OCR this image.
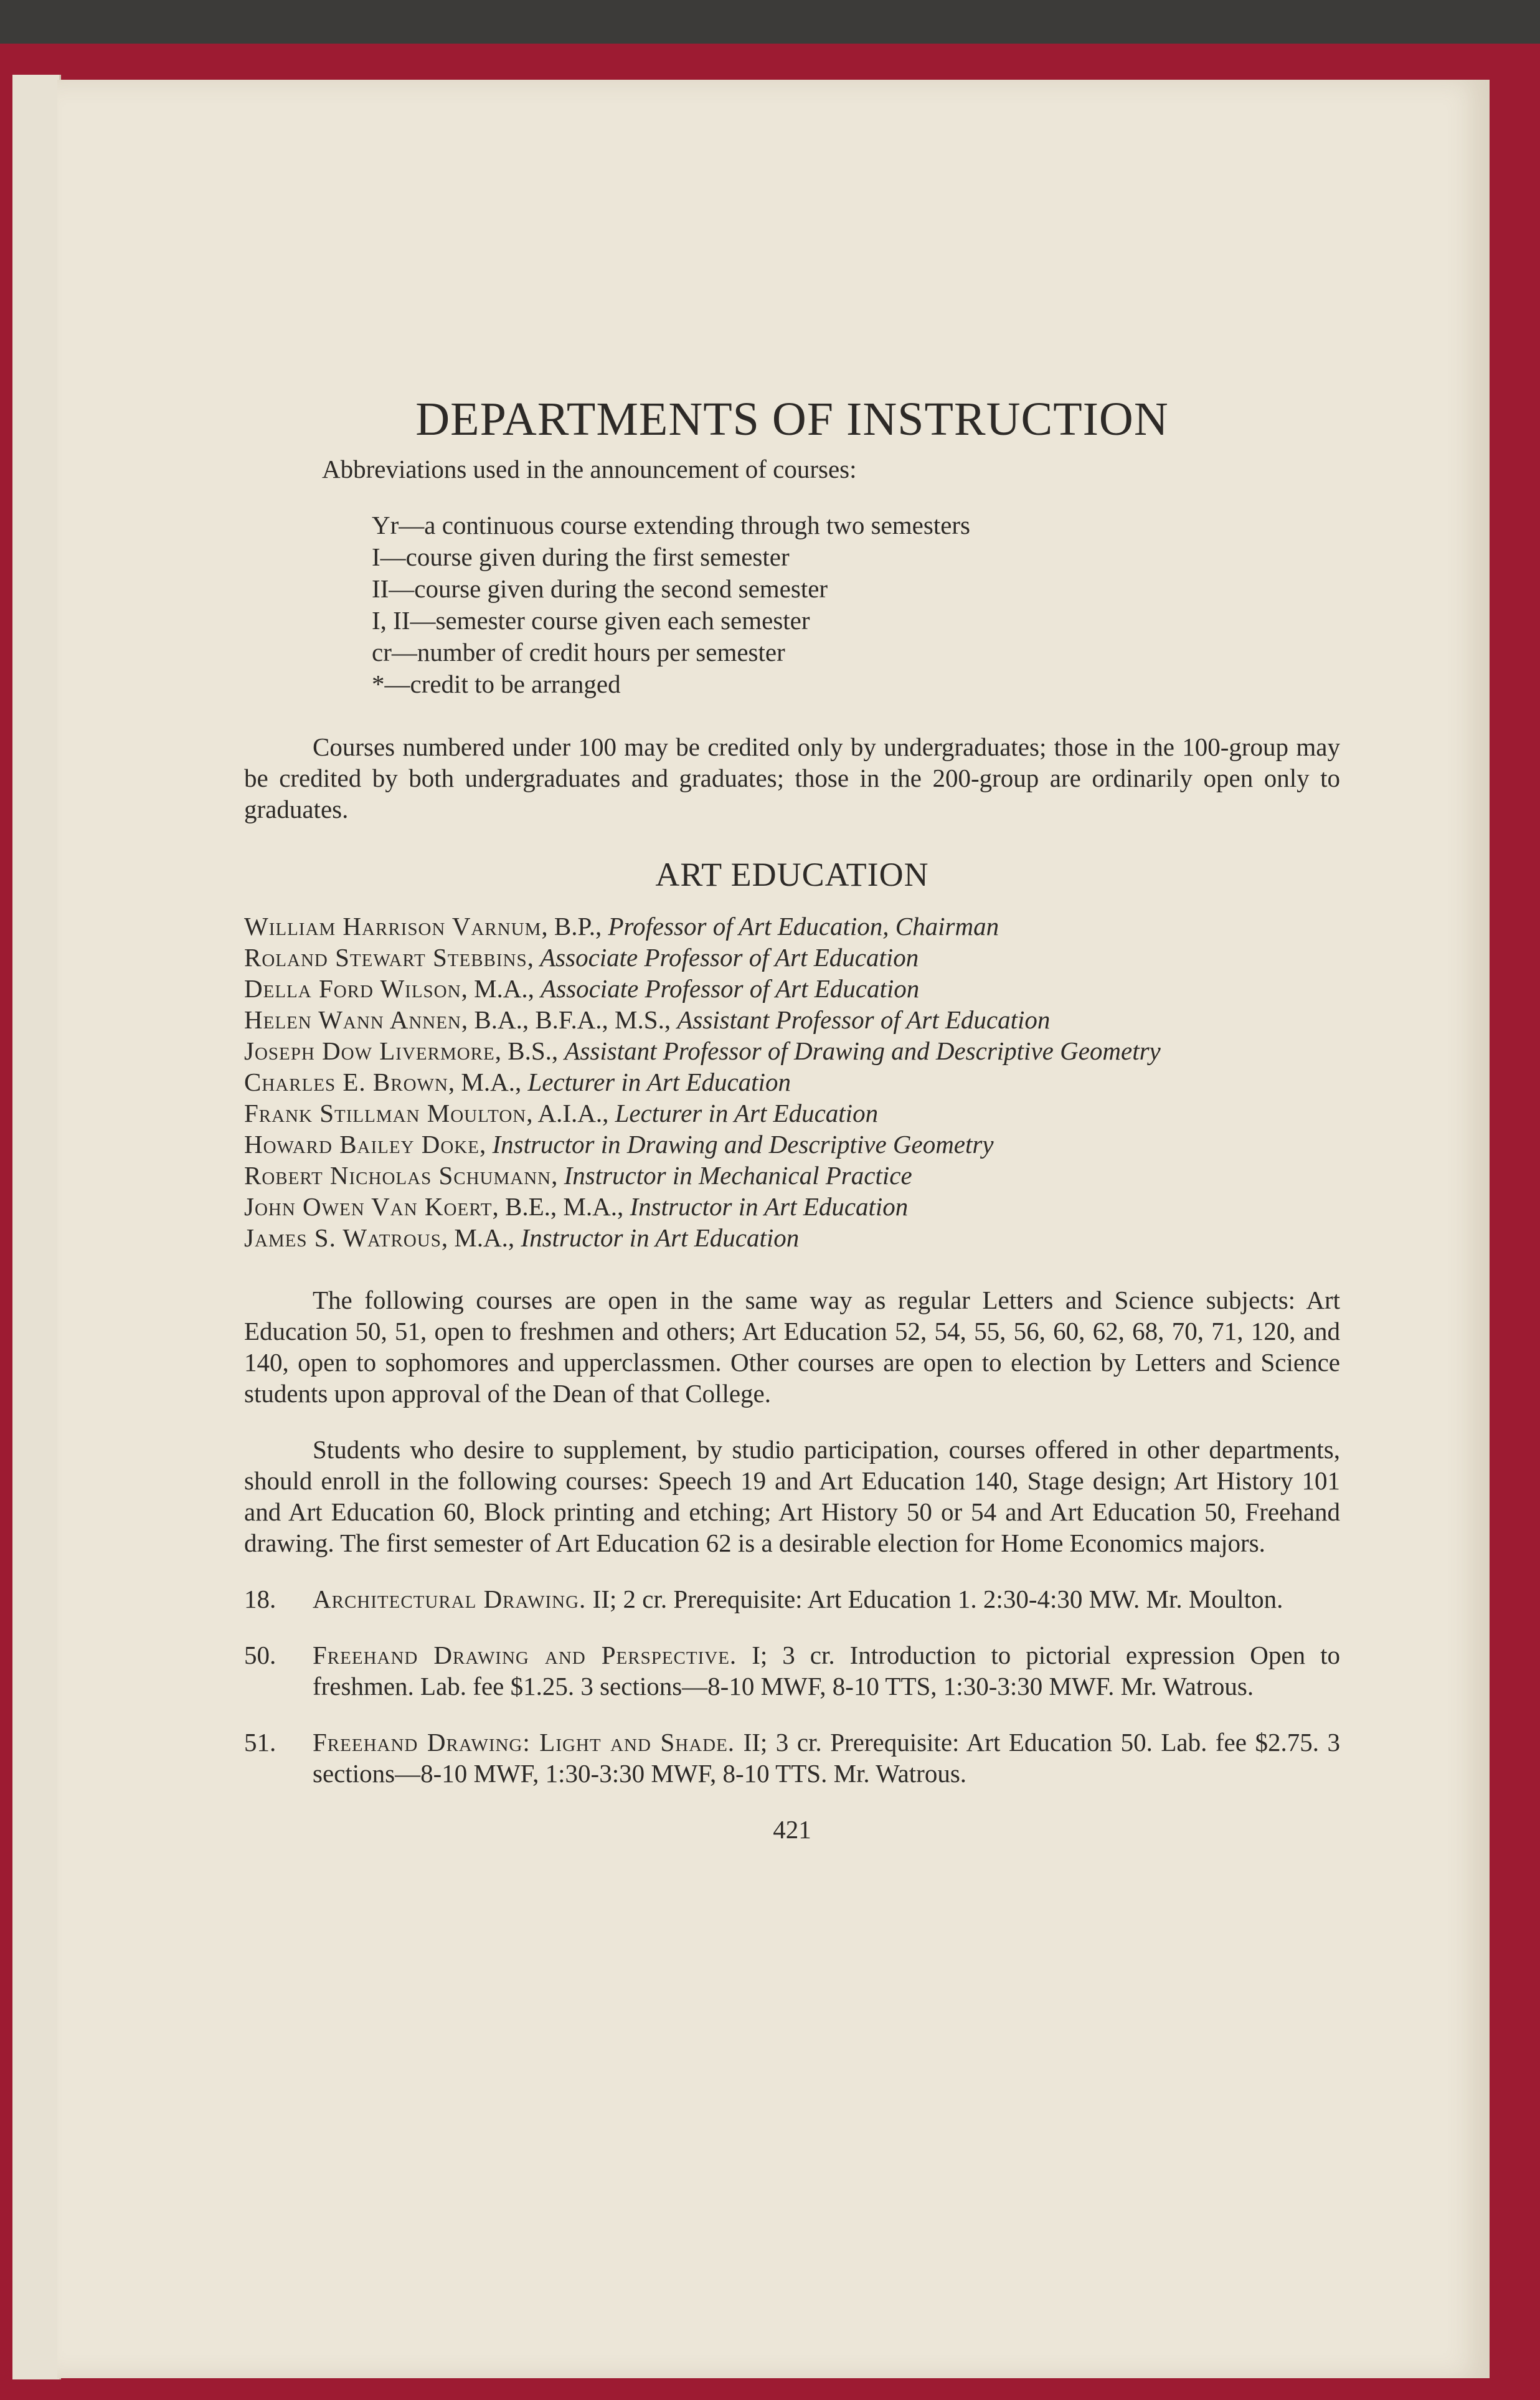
DEPARTMENTS OF INSTRUCTION

Abbreviations used in the announcement of courses:

Yr—a continuous course extending through two semesters
I—course given during the first semester
II—course given during the second semester
I, II—semester course given each semester
cr—number of credit hours per semester
*—credit to be arranged

Courses numbered under 100 may be credited only by undergraduates; those in the 100-group may be credited by both undergraduates and graduates; those in the 200-group are ordinarily open only to graduates.

ART EDUCATION
William Harrison Varnum, B.P., Professor of Art Education, Chairman
Roland Stewart Stebbins, Associate Professor of Art Education
Della Ford Wilson, M.A., Associate Professor of Art Education
Helen Wann Annen, B.A., B.F.A., M.S., Assistant Professor of Art Education
Joseph Dow Livermore, B.S., Assistant Professor of Drawing and Descriptive Geometry
Charles E. Brown, M.A., Lecturer in Art Education
Frank Stillman Moulton, A.I.A., Lecturer in Art Education
Howard Bailey Doke, Instructor in Drawing and Descriptive Geometry
Robert Nicholas Schumann, Instructor in Mechanical Practice
John Owen Van Koert, B.E., M.A., Instructor in Art Education
James S. Watrous, M.A., Instructor in Art Education

The following courses are open in the same way as regular Letters and Science subjects: Art Education 50, 51, open to freshmen and others; Art Education 52, 54, 55, 56, 60, 62, 68, 70, 71, 120, and 140, open to sophomores and upperclassmen. Other courses are open to election by Letters and Science students upon approval of the Dean of that College.

Students who desire to supplement, by studio participation, courses offered in other departments, should enroll in the following courses: Speech 19 and Art Education 140, Stage design; Art History 101 and Art Education 60, Block printing and etching; Art History 50 or 54 and Art Education 50, Freehand drawing. The first semester of Art Education 62 is a desirable election for Home Economics majors.

18.	Architectural Drawing. II; 2 cr. Prerequisite: Art Education 1. 2:30-4:30 MW. Mr. Moulton.
50.	Freehand Drawing and Perspective. I; 3 cr. Introduction to pictorial expression Open to freshmen. Lab. fee $1.25. 3 sections—8-10 MWF, 8-10 TTS, 1:30-3:30 MWF. Mr. Watrous.
51.	Freehand Drawing: Light and Shade. II; 3 cr. Prerequisite: Art Education 50. Lab. fee $2.75. 3 sections—8-10 MWF, 1:30-3:30 MWF, 8-10 TTS. Mr. Watrous.
421
